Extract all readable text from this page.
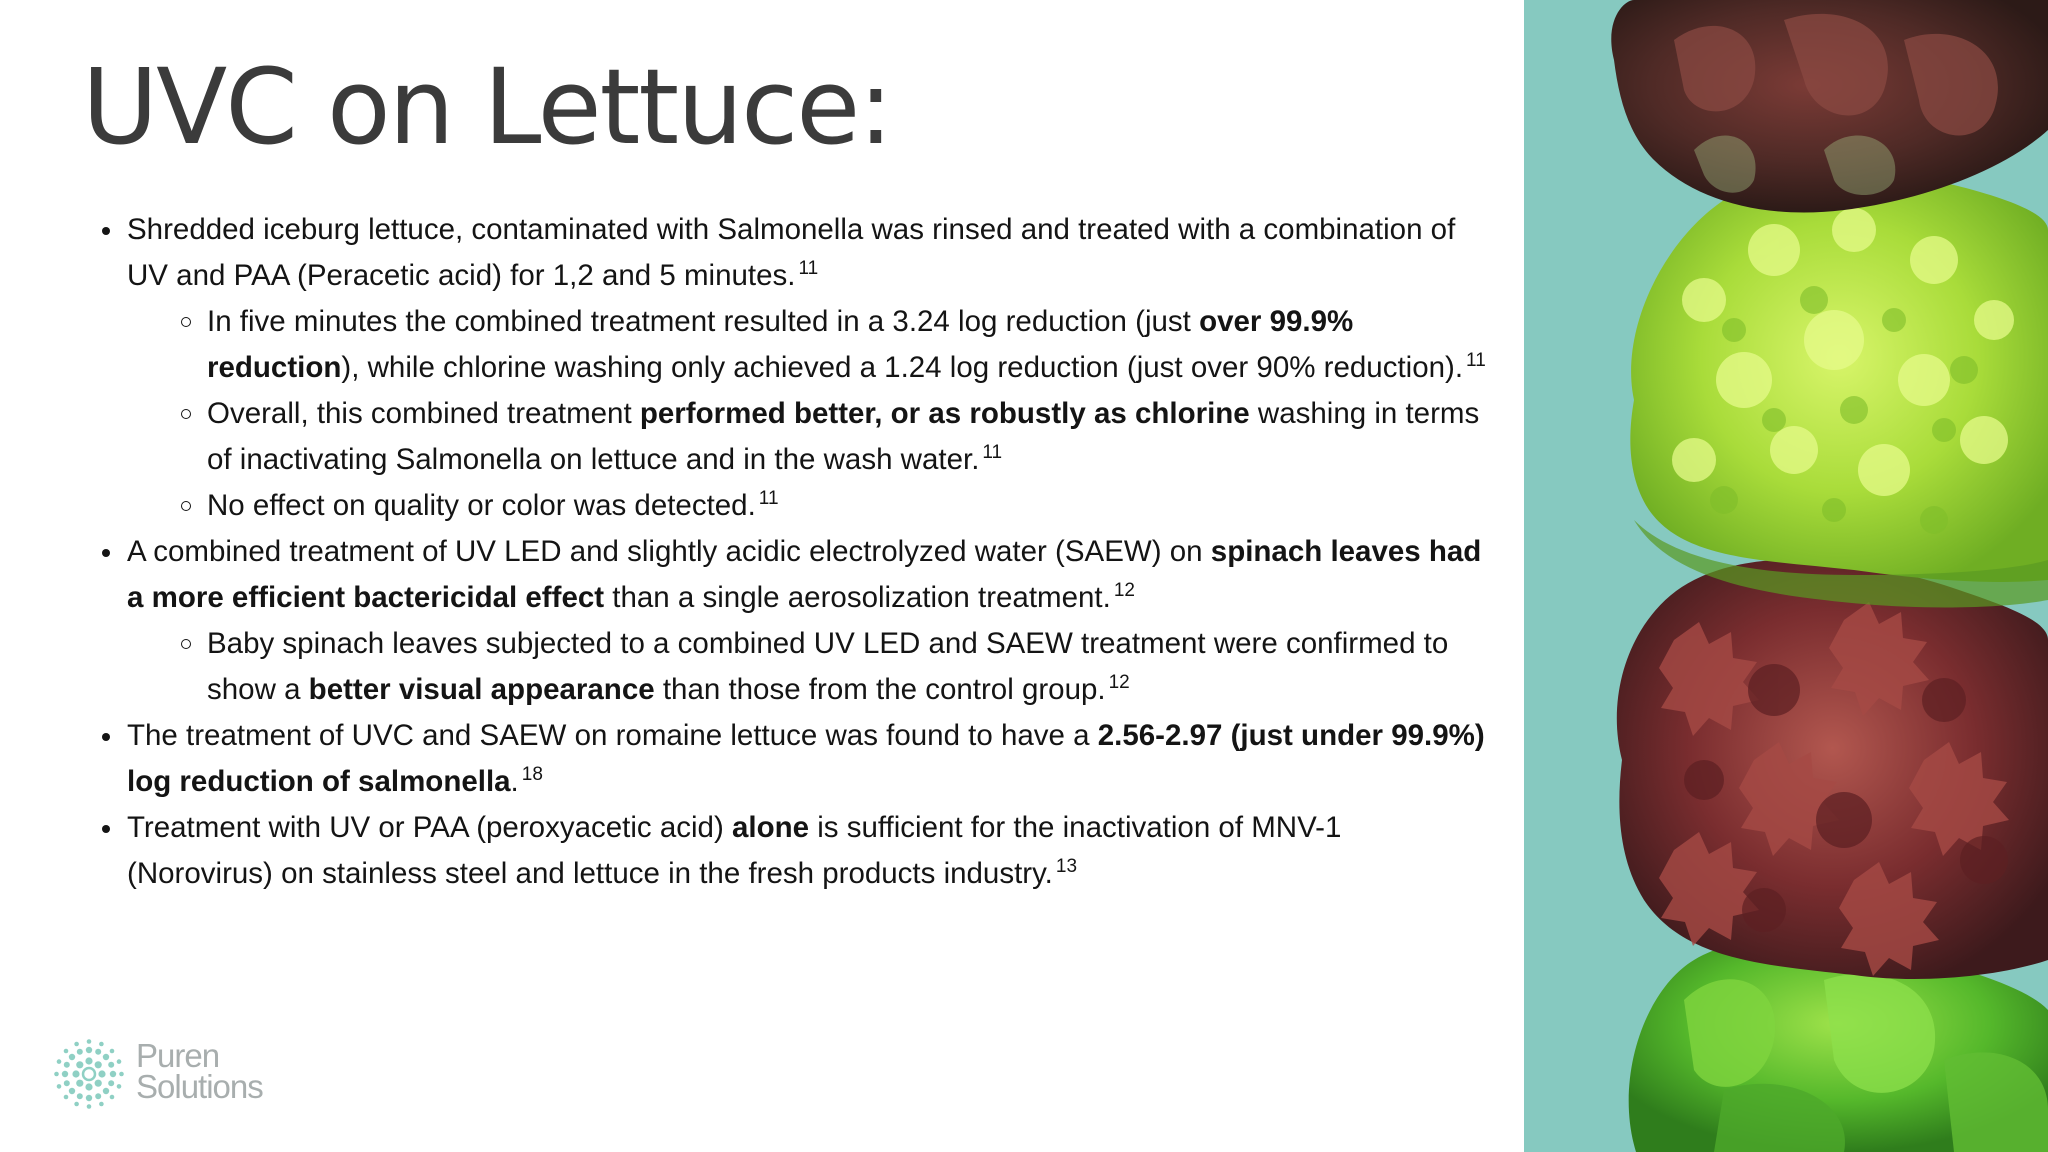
UVC on Lettuce:
Shredded iceburg lettuce, contaminated with Salmonella was rinsed and treated with a combination of UV and PAA (Peracetic acid) for 1,2 and 5 minutes. $^{11}$
In five minutes the combined treatment resulted in a 3.24 log reduction (just over 99.9% reduction), while chlorine washing only achieved a 1.24 log reduction (just over 90% reduction). $^{11}$
Overall, this combined treatment performed better, or as robustly as chlorine washing in terms of inactivating Salmonella on lettuce and in the wash water. $^{11}$
No effect on quality or color was detected. $^{11}$
A combined treatment of UV LED and slightly acidic electrolyzed water (SAEW) on spinach leaves had a more efficient bactericidal effect than a single aerosolization treatment. $^{12}$
Baby spinach leaves subjected to a combined UV LED and SAEW treatment were confirmed to show a better visual appearance than those from the control group. $^{12}$
The treatment of UVC and SAEW on romaine lettuce was found to have a 2.56-2.97 (just under 99.9%) log reduction of salmonella. $^{18}$
Treatment with UV or PAA (peroxyacetic acid) alone is sufficient for the inactivation of MNV-1 (Norovirus) on stainless steel and lettuce in the fresh products industry. $^{13}$
Puren
Solutions
